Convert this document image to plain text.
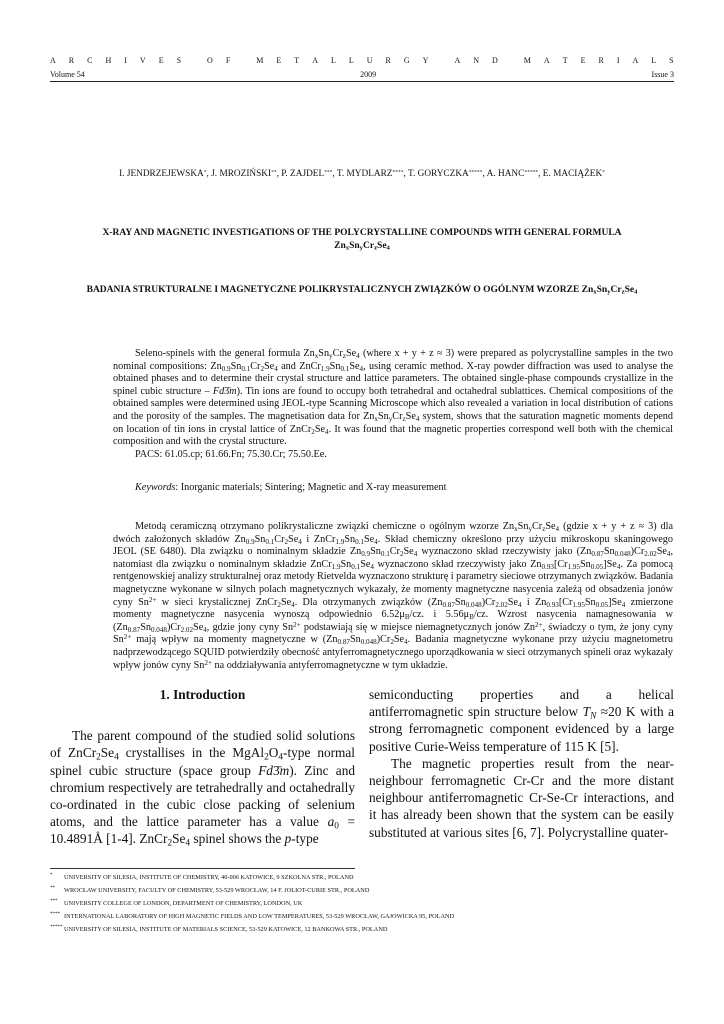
A R C H I V E S	O F	M E T A L L U R G Y	A N D	M A T E R I A L S
Volume 54	2009	Issue 3
I. JENDRZEJEWSKA*, J. MROZIŃSKI**, P. ZAJDEL***, T. MYDLARZ****, T. GORYCZKA*****, A. HANC*****, E. MACIĄŻEK*
X-RAY AND MAGNETIC INVESTIGATIONS OF THE POLYCRYSTALLINE COMPOUNDS WITH GENERAL FORMULA
$Zn_xSn_yCr_zSe_4$
BADANIA STRUKTURALNE I MAGNETYCZNE POLIKRYSTALICZNYCH ZWIĄZKÓW O OGÓLNYM WZORZE $Zn_xSn_yCr_zSe_4$

Seleno-spinels with the general formula $Zn_xSn_yCr_zSe_4$ (where x + y + z ≈ 3) were prepared as polycrystalline samples in the two nominal compositions: $Zn_{0.9}Sn_{0.1}Cr_2Se_4$ and $ZnCr_{1.9}Sn_{0.1}Se_4$, using ceramic method. X-ray powder diffraction was used to analyse the obtained phases and to determine their crystal structure and lattice parameters. The obtained single-phase compounds crystallize in the spinel cubic structure – Fd3̄m). Tin ions are found to occupy both tetrahedral and octahedral sublattices. Chemical compositions of the obtained samples were determined using JEOL-type Scanning Microscope which also revealed a variation in local distribution of cations and the porosity of the samples. The magnetisation data for $Zn_xSn_yCr_zSe_4$ system, shows that the saturation magnetic moments depend on location of tin ions in crystal lattice of $ZnCr_2Se_4$. It was found that the magnetic properties correspond well both with the chemical composition and with the crystal structure.

PACS: 61.05.cp; 61.66.Fn; 75.30.Cr; 75.50.Ee.

Keywords: Inorganic materials; Sintering; Magnetic and X-ray measurement

Metodą ceramiczną otrzymano polikrystaliczne związki chemiczne o ogólnym wzorze $Zn_xSn_yCr_zSe_4$ (gdzie x + y + z ≈ 3) dla dwóch założonych składów $Zn_{0.9}Sn_{0.1}Cr_2Se_4$ i $ZnCr_{1.9}Sn_{0.1}Se_4$. Skład chemiczny określono przy użyciu mikroskopu skaningowego JEOL (SE 6480). Dla związku o nominalnym składzie $Zn_{0.9}Sn_{0.1}Cr_2Se_4$ wyznaczono skład rzeczywisty jako $(Zn_{0.87}Sn_{0.048})Cr_{2.02}Se_4$, natomiast dla związku o nominalnym składzie $ZnCr_{1.9}Sn_{0.1}Se_4$ wyznaczono skład rzeczywisty jako $Zn_{0.93}[Cr_{1.95}Sn_{0.05}]Se_4$. Za pomocą rentgenowskiej analizy strukturalnej oraz metody Rietvelda wyznaczono strukturę i parametry sieciowe otrzymanych związków. Badania magnetyczne wykonane w silnych polach magnetycznych wykazały, że momenty magnetyczne nasycenia zależą od obsadzenia jonów cyny $Sn^{2+}$ w sieci krystalicznej $ZnCr_2Se_4$. Dla otrzymanych związków $(Zn_{0.87}Sn_{0.048})Cr_{2.02}Se_4$ i $Zn_{0.93}[Cr_{1.95}Sn_{0.05}]Se_4$ zmierzone momenty magnetyczne nasycenia wynoszą odpowiednio $6.52\mu_B/cz$. i $5.56\mu_B/cz$. Wzrost nasycenia namagnesowania w $(Zn_{0.87}Sn_{0.048})Cr_{2.02}Se_4$, gdzie jony cyny $Sn^{2+}$ podstawiają się w miejsce niemagnetycznych jonów $Zn^{2+}$, świadczy o tym, że jony cyny $Sn^{2+}$ mają wpływ na momenty magnetyczne w $(Zn_{0.87}Sn_{0.048})Cr_2Se_4$. Badania magnetyczne wykonane przy użyciu magnetometru nadprzewodzącego SQUID potwierdziły obecność antyferromagnetycznego uporządkowania w sieci otrzymanych spineli oraz wykazały wpływ jonów cyny $Sn^{2+}$ na oddziaływania antyferromagnetyczne w tym układzie.

1. Introduction

The parent compound of the studied solid solutions of $ZnCr_2Se_4$ crystallises in the $MgAl_2O_4$-type normal spinel cubic structure (space group Fd3̄m). Zinc and chromium respectively are tetrahedrally and octahedrally co-ordinated in the cubic close packing of selenium atoms, and the lattice parameter has a value $a_0$ = 10.4891Å [1-4]. $ZnCr_2Se_4$ spinel shows the p-type

semiconducting properties and a helical antiferromagnetic spin structure below $T_N \approx 20$ K with a strong ferromagnetic component evidenced by a large positive Curie-Weiss temperature of 115 K [5].

The magnetic properties result from the near-neighbour ferromagnetic Cr-Cr and the more distant neighbour antiferromagnetic Cr-Se-Cr interactions, and it has already been shown that the system can be easily substituted at various sites [6, 7]. Polycrystalline quater-

*	UNIVERSITY OF SILESIA, INSTITUTE OF CHEMISTRY, 40-006 KATOWICE, 9 SZKOLNA STR., POLAND
**	WROCŁAW UNIVERSITY, FACULTY OF CHEMISTRY, 53-529 WROCŁAW, 14 F. JOLIOT-CURIE STR., POLAND
***	UNIVERSITY COLLEGE OF LONDON, DEPARTMENT OF CHEMISTRY, LONDON, UK
**** INTERNATIONAL LABORATORY OF HIGH MAGNETIC FIELDS AND LOW TEMPERATURES, 53-529 WROCŁAW, GAJOWICKA 95, POLAND
***** UNIVERSITY OF SILESIA, INSTITUTE OF MATERIALS SCIENCE, 53-529 KATOWICE, 12 BANKOWA STR., POLAND
